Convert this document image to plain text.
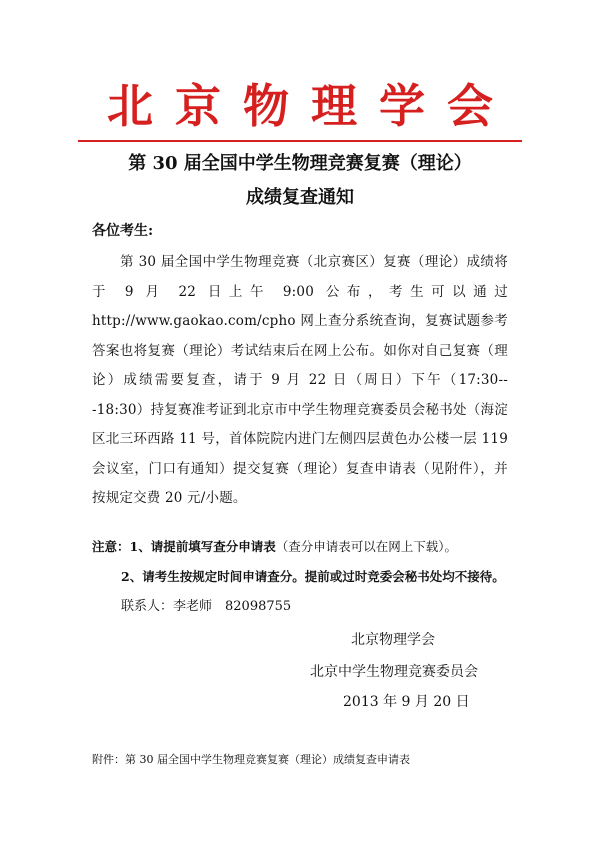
北京物理学会
第 30 届全国中学生物理竞赛复赛（理论）
成绩复查通知
各位考生:
第 30 届全国中学生物理竞赛（北京赛区）复赛（理论）成绩将于 9 月 22 日上午 9:00 公布，考生可以通过 http://www.gaokao.com/cpho 网上查分系统查询，复赛试题参考答案也将复赛（理论）考试结束后在网上公布。如你对自己复赛（理论）成绩需要复查，请于 9 月 22 日（周日）下午（17:30---18:30）持复赛准考证到北京市中学生物理竞赛委员会秘书处（海淀区北三环西路 11 号，首体院院内进门左侧四层黄色办公楼一层 119 会议室，门口有通知）提交复赛（理论）复查申请表（见附件），并按规定交费 20 元/小题。
注意：1、请提前填写查分申请表（查分申请表可以在网上下载）。
2、请考生按规定时间申请查分。提前或过时竞委会秘书处均不接待。
联系人：李老师　82098755
北京物理学会
北京中学生物理竞赛委员会
2013 年 9 月 20 日
附件：第 30 届全国中学生物理竞赛复赛（理论）成绩复查申请表
